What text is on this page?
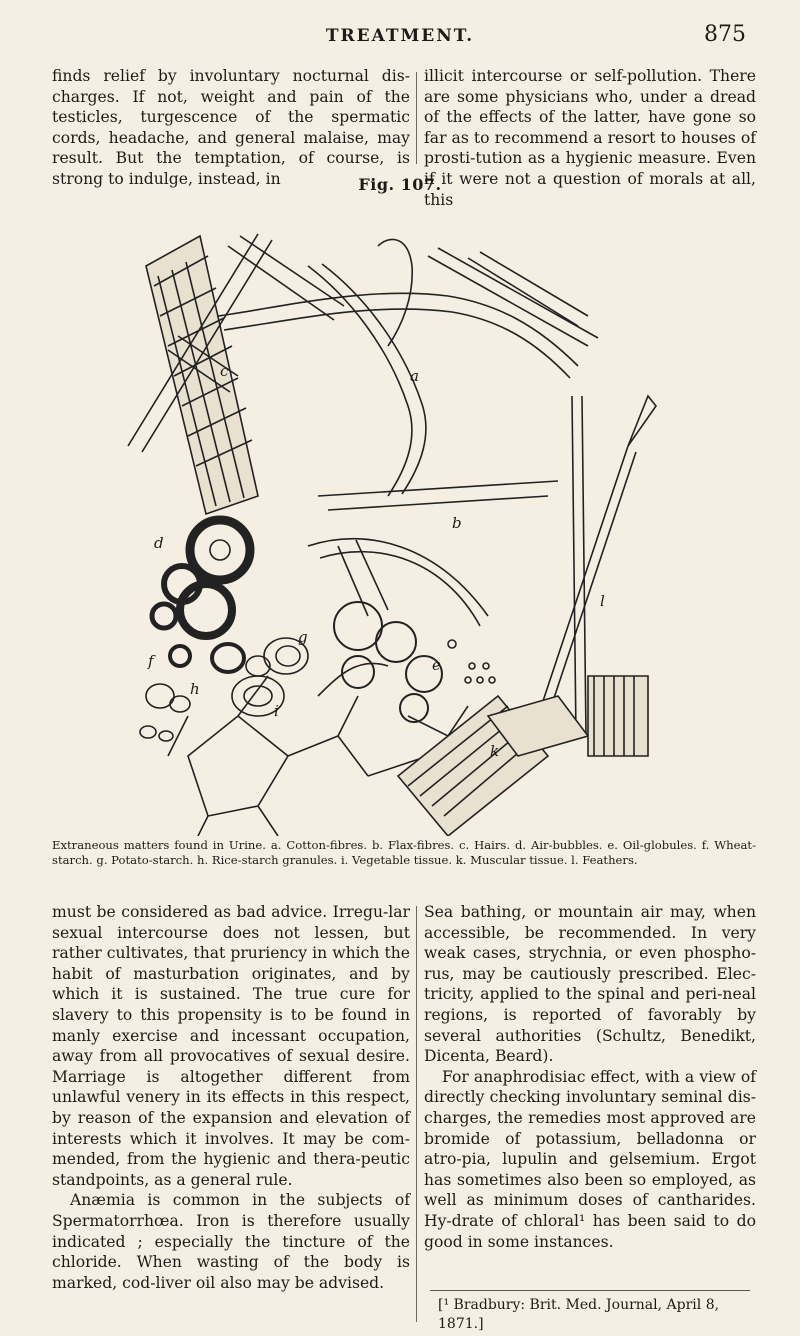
TREATMENT.	875

finds relief by involuntary nocturnal dis-charges. If not, weight and pain of the testicles, turgescence of the spermatic cords, headache, and general malaise, may result. But the temptation, of course, is strong to indulge, instead, in

illicit intercourse or self-pollution. There are some physicians who, under a dread of the effects of the latter, have gone so far as to recommend a resort to houses of prosti-tution as a hygienic measure. Even if it were not a question of morals at all, this

Fig. 107.
a
b
c
d
e
f
g
h
i
k
l
Extraneous matters found in Urine. a. Cotton-fibres. b. Flax-fibres. c. Hairs. d. Air-bubbles. e. Oil-globules. f. Wheat-starch. g. Potato-starch. h. Rice-starch granules. i. Vegetable tissue. k. Muscular tissue. l. Feathers.

must be considered as bad advice. Irregu-lar sexual intercourse does not lessen, but rather cultivates, that pruriency in which the habit of masturbation originates, and by which it is sustained. The true cure for slavery to this propensity is to be found in manly exercise and incessant occupation, away from all provocatives of sexual desire. Marriage is altogether different from unlawful venery in its effects in this respect, by reason of the expansion and elevation of interests which it involves. It may be com-mended, from the hygienic and thera-peutic standpoints, as a general rule.

Anæmia is common in the subjects of Spermatorrhœa. Iron is therefore usually indicated ; especially the tincture of the chloride. When wasting of the body is marked, cod-liver oil also may be advised.

Sea bathing, or mountain air may, when accessible, be recommended. In very weak cases, strychnia, or even phospho-rus, may be cautiously prescribed. Elec-tricity, applied to the spinal and peri-neal regions, is reported of favorably by several authorities (Schultz, Benedikt, Dicenta, Beard).

For anaphrodisiac effect, with a view of directly checking involuntary seminal dis-charges, the remedies most approved are bromide of potassium, belladonna or atro-pia, lupulin and gelsemium. Ergot has sometimes also been so employed, as well as minimum doses of cantharides. Hy-drate of chloral¹ has been said to do good in some instances.

[¹ Bradbury: Brit. Med. Journal, April 8, 1871.]
